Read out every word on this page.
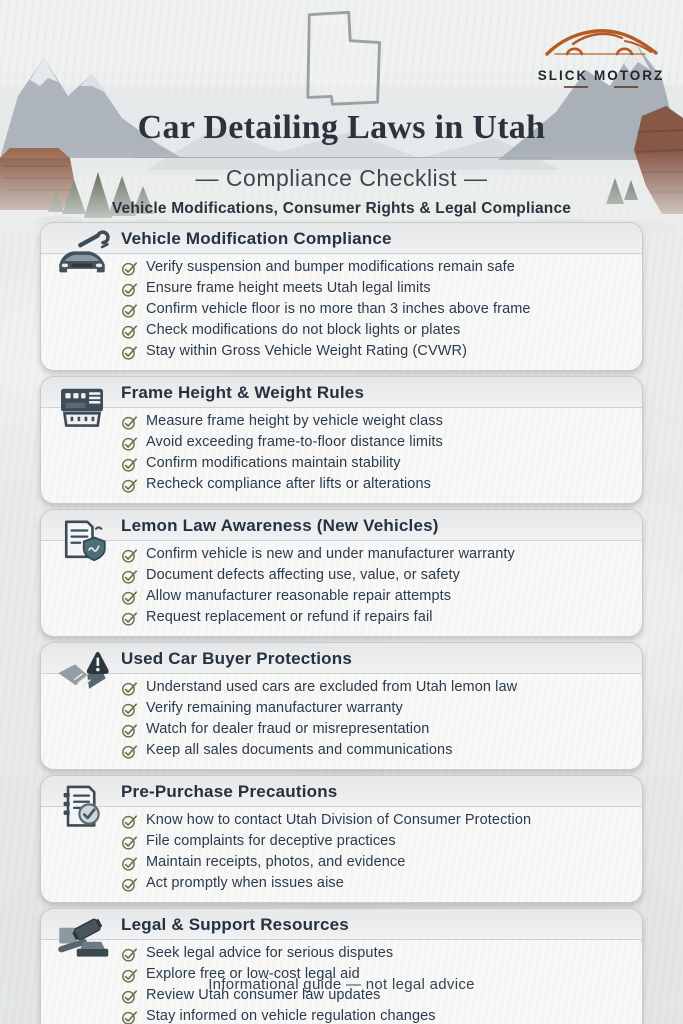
SLICK MOTORZ
Car Detailing Laws in Utah
— Compliance Checklist —
Vehicle Modifications, Consumer Rights & Legal Compliance
Vehicle Modification Compliance
Verify suspension and bumper modifications remain safe
Ensure frame height meets Utah legal limits
Confirm vehicle floor is no more than 3 inches above frame
Check modifications do not block lights or plates
Stay within Gross Vehicle Weight Rating (CVWR)
Frame Height & Weight Rules
Measure frame height by vehicle weight class
Avoid exceeding frame-to-floor distance limits
Confirm modifications maintain stability
Recheck compliance after lifts or alterations
Lemon Law Awareness (New Vehicles)
Confirm vehicle is new and under manufacturer warranty
Document defects affecting use, value, or safety
Allow manufacturer reasonable repair attempts
Request replacement or refund if repairs fail
Used Car Buyer Protections
Understand used cars are excluded from Utah lemon law
Verify remaining manufacturer warranty
Watch for dealer fraud or misrepresentation
Keep all sales documents and communications
Pre-Purchase Precautions
Know how to contact Utah Division of Consumer Protection
File complaints for deceptive practices
Maintain receipts, photos, and evidence
Act promptly when issues aise
Legal & Support Resources
Seek legal advice for serious disputes
Explore free or low-cost legal aid
Review Utah consumer law updates
Stay informed on vehicle regulation changes
Informational guide — not legal advice
